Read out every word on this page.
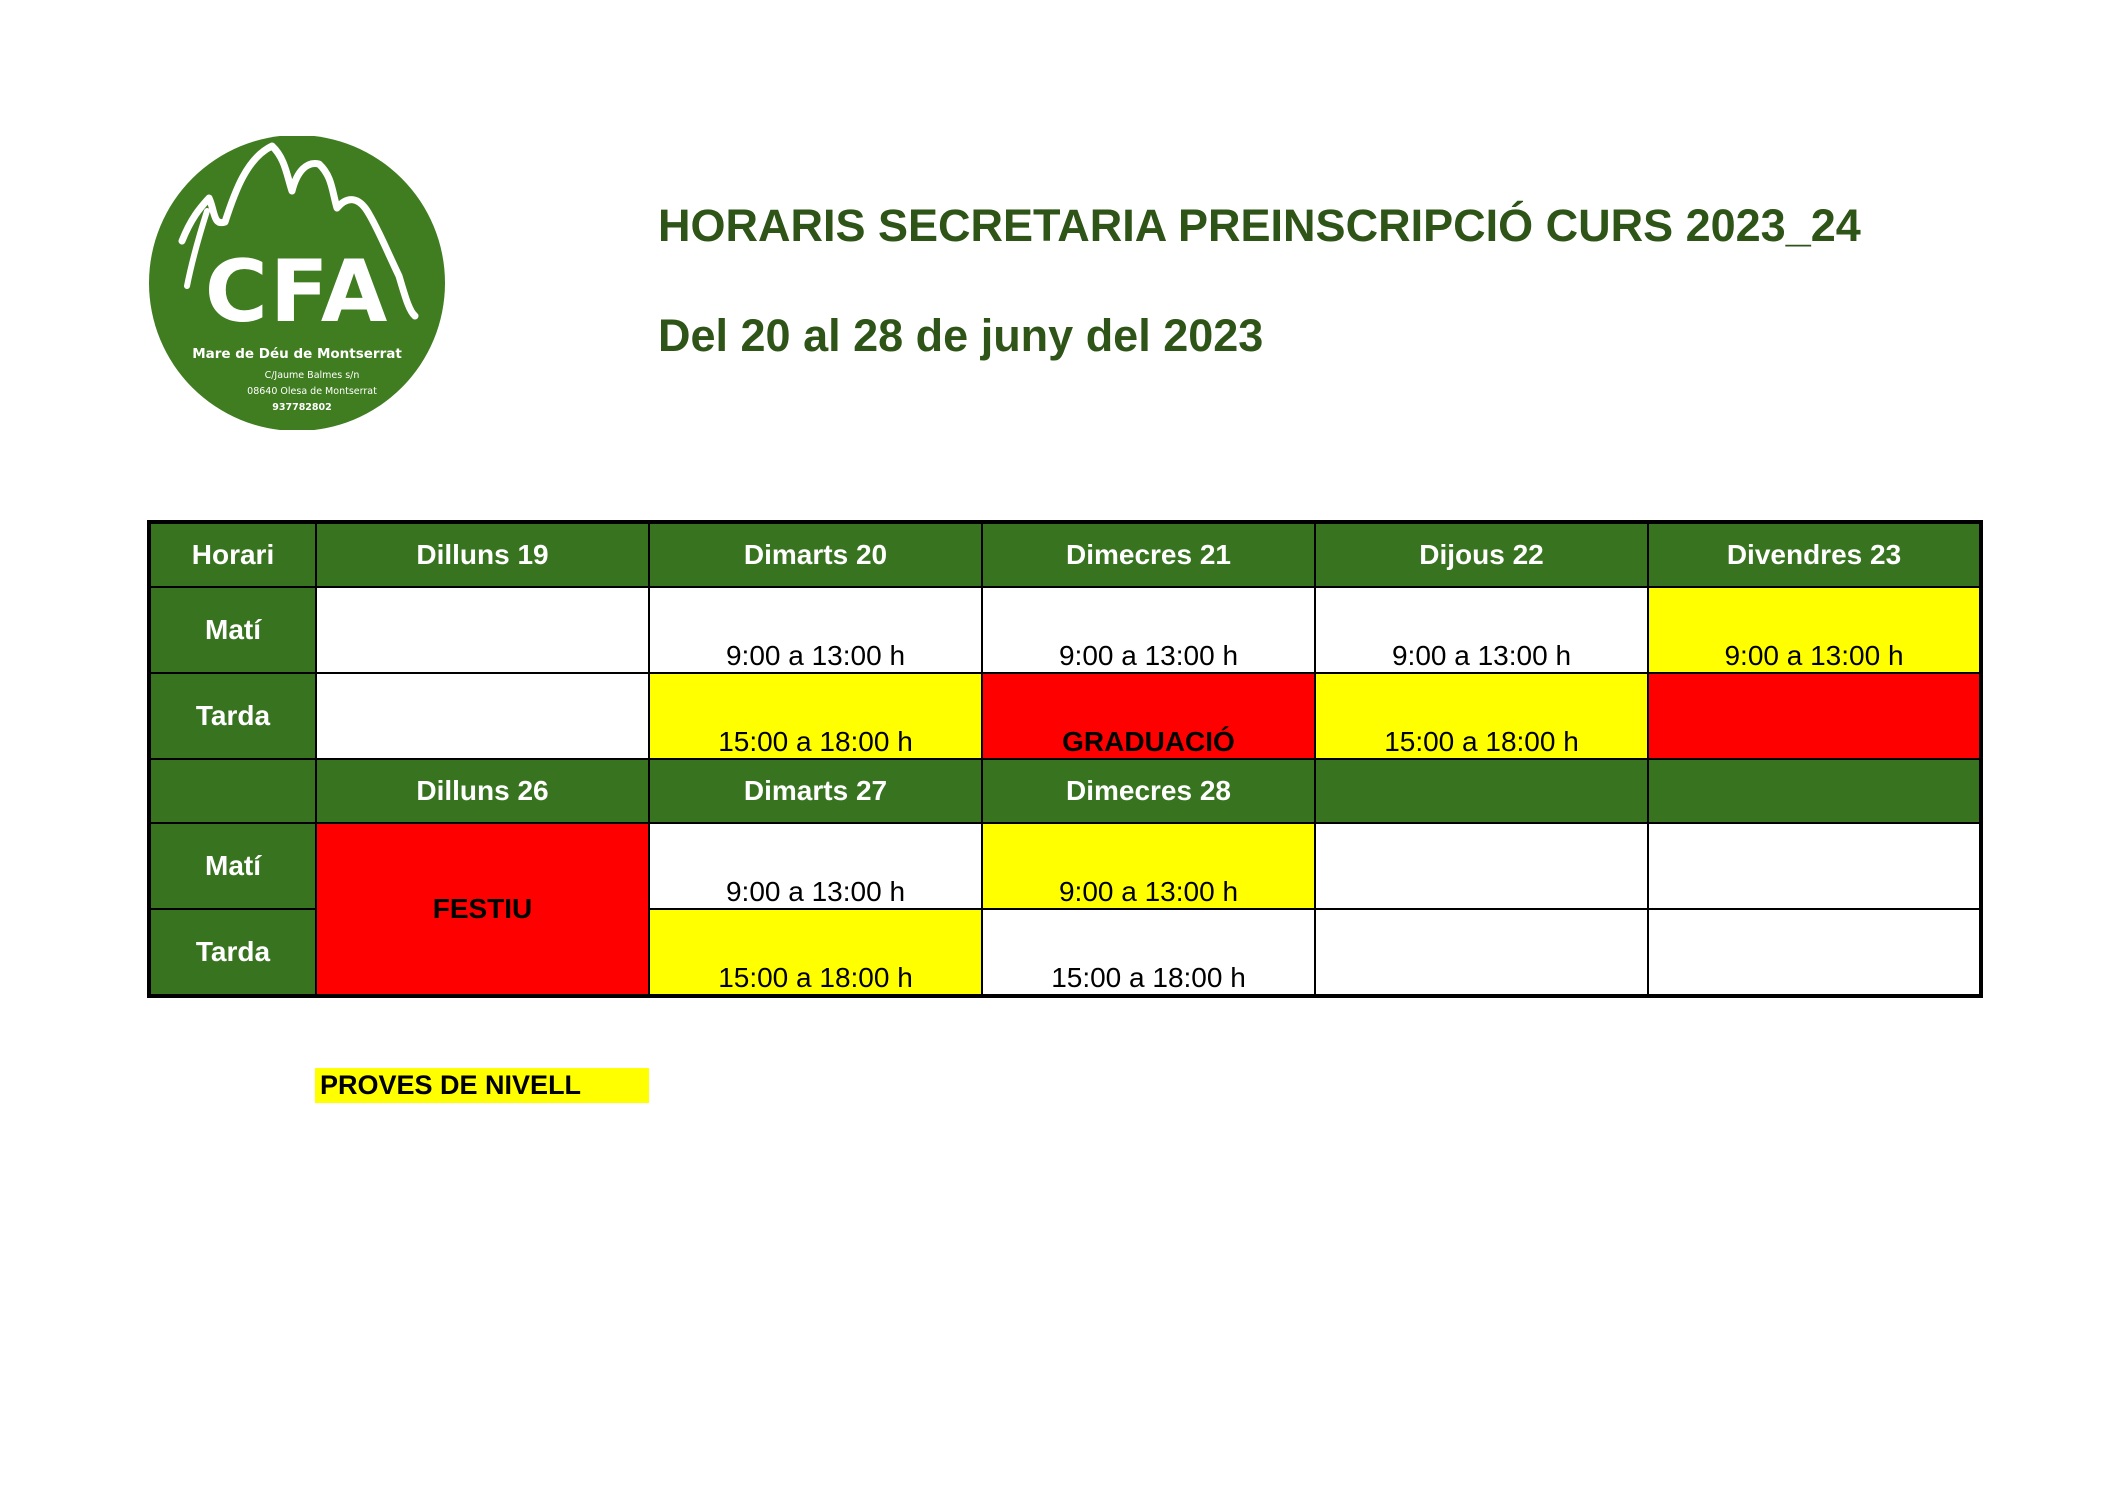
CFA
Mare de Déu de Montserrat
C/Jaume Balmes s/n
08640 Olesa de Montserrat
937782802
HORARIS SECRETARIA PREINSCRIPCIÓ CURS 2023_24
Del 20 al 28 de juny del 2023
Horari	Dilluns 19	Dimarts 20	Dimecres 21	Dijous 22	Divendres 23
Matí		9:00 a 13:00 h	9:00 a 13:00 h	9:00 a 13:00 h	9:00 a 13:00 h
Tarda		15:00 a 18:00 h	GRADUACIÓ	15:00 a 18:00 h	
	Dilluns 26	Dimarts 27	Dimecres 28		
Matí	FESTIU	9:00 a 13:00 h	9:00 a 13:00 h		
Tarda		15:00 a 18:00 h	15:00 a 18:00 h		
PROVES DE NIVELL
